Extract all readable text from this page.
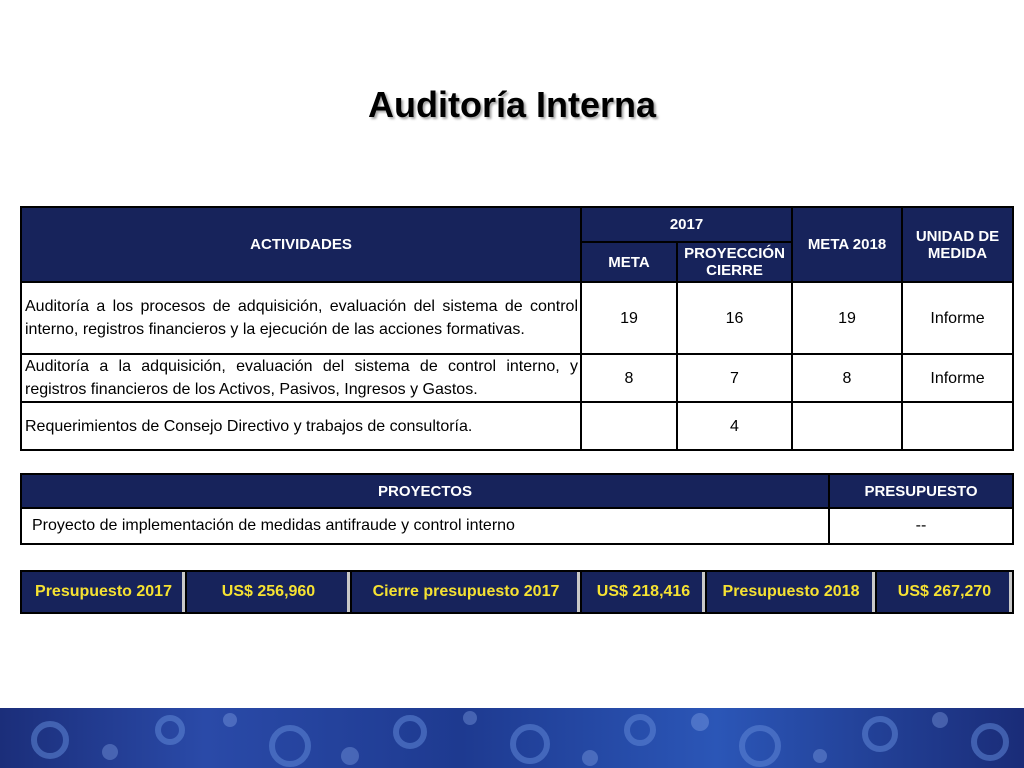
Auditoría Interna
ACTIVIDADES	2017		META 2018	UNIDAD DE MEDIDA
	META	PROYECCIÓN CIERRE		
Auditoría a los procesos de adquisición, evaluación del sistema de control interno, registros financieros y la ejecución de las acciones formativas.	19	16	19	Informe
Auditoría a la adquisición, evaluación del sistema de control interno, y registros financieros de los Activos, Pasivos, Ingresos y Gastos.	8	7	8	Informe
Requerimientos de Consejo Directivo y trabajos de consultoría.		4		
PROYECTOS	PRESUPUESTO
Proyecto de implementación de medidas antifraude y control interno	--
Presupuesto 2017	US$ 256,960	Cierre presupuesto 2017	US$ 218,416	Presupuesto 2018	US$ 267,270
